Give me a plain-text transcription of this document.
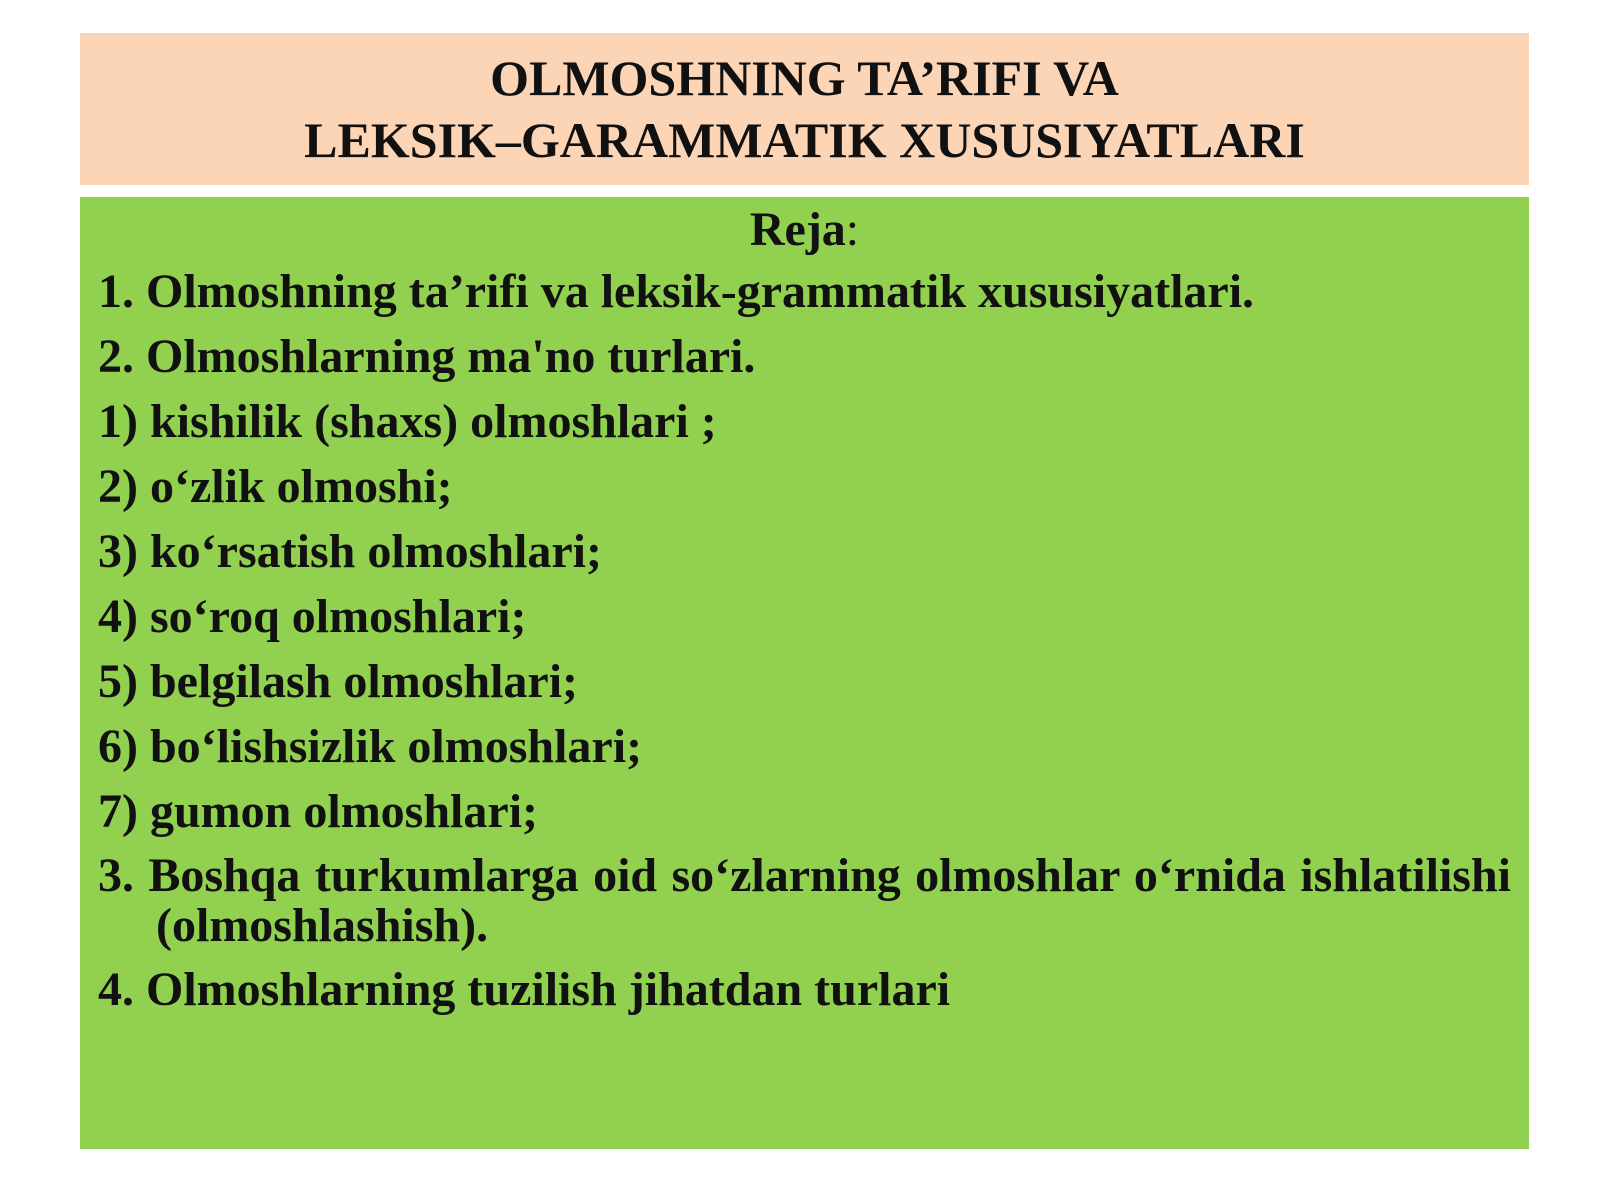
OLMOSHNING TA’RIFI VA
LEKSIK–GARAMMATIK XUSUSIYATLARI
Reja:
1. Olmoshning ta’rifi va leksik-grammatik xususiyatlari.
2. Olmoshlarning ma'no turlari.
1) kishilik (shaxs) olmoshlari ;
2) o‘zlik olmoshi;
3) ko‘rsatish olmoshlari;
4) so‘roq olmoshlari;
5) belgilash olmoshlari;
6) bo‘lishsizlik olmoshlari;
7) gumon olmoshlari;
3. Boshqa turkumlarga oid so‘zlarning olmoshlar o‘rnida ishlatilishi (olmoshlashish).
4. Olmoshlarning tuzilish jihatdan turlari
